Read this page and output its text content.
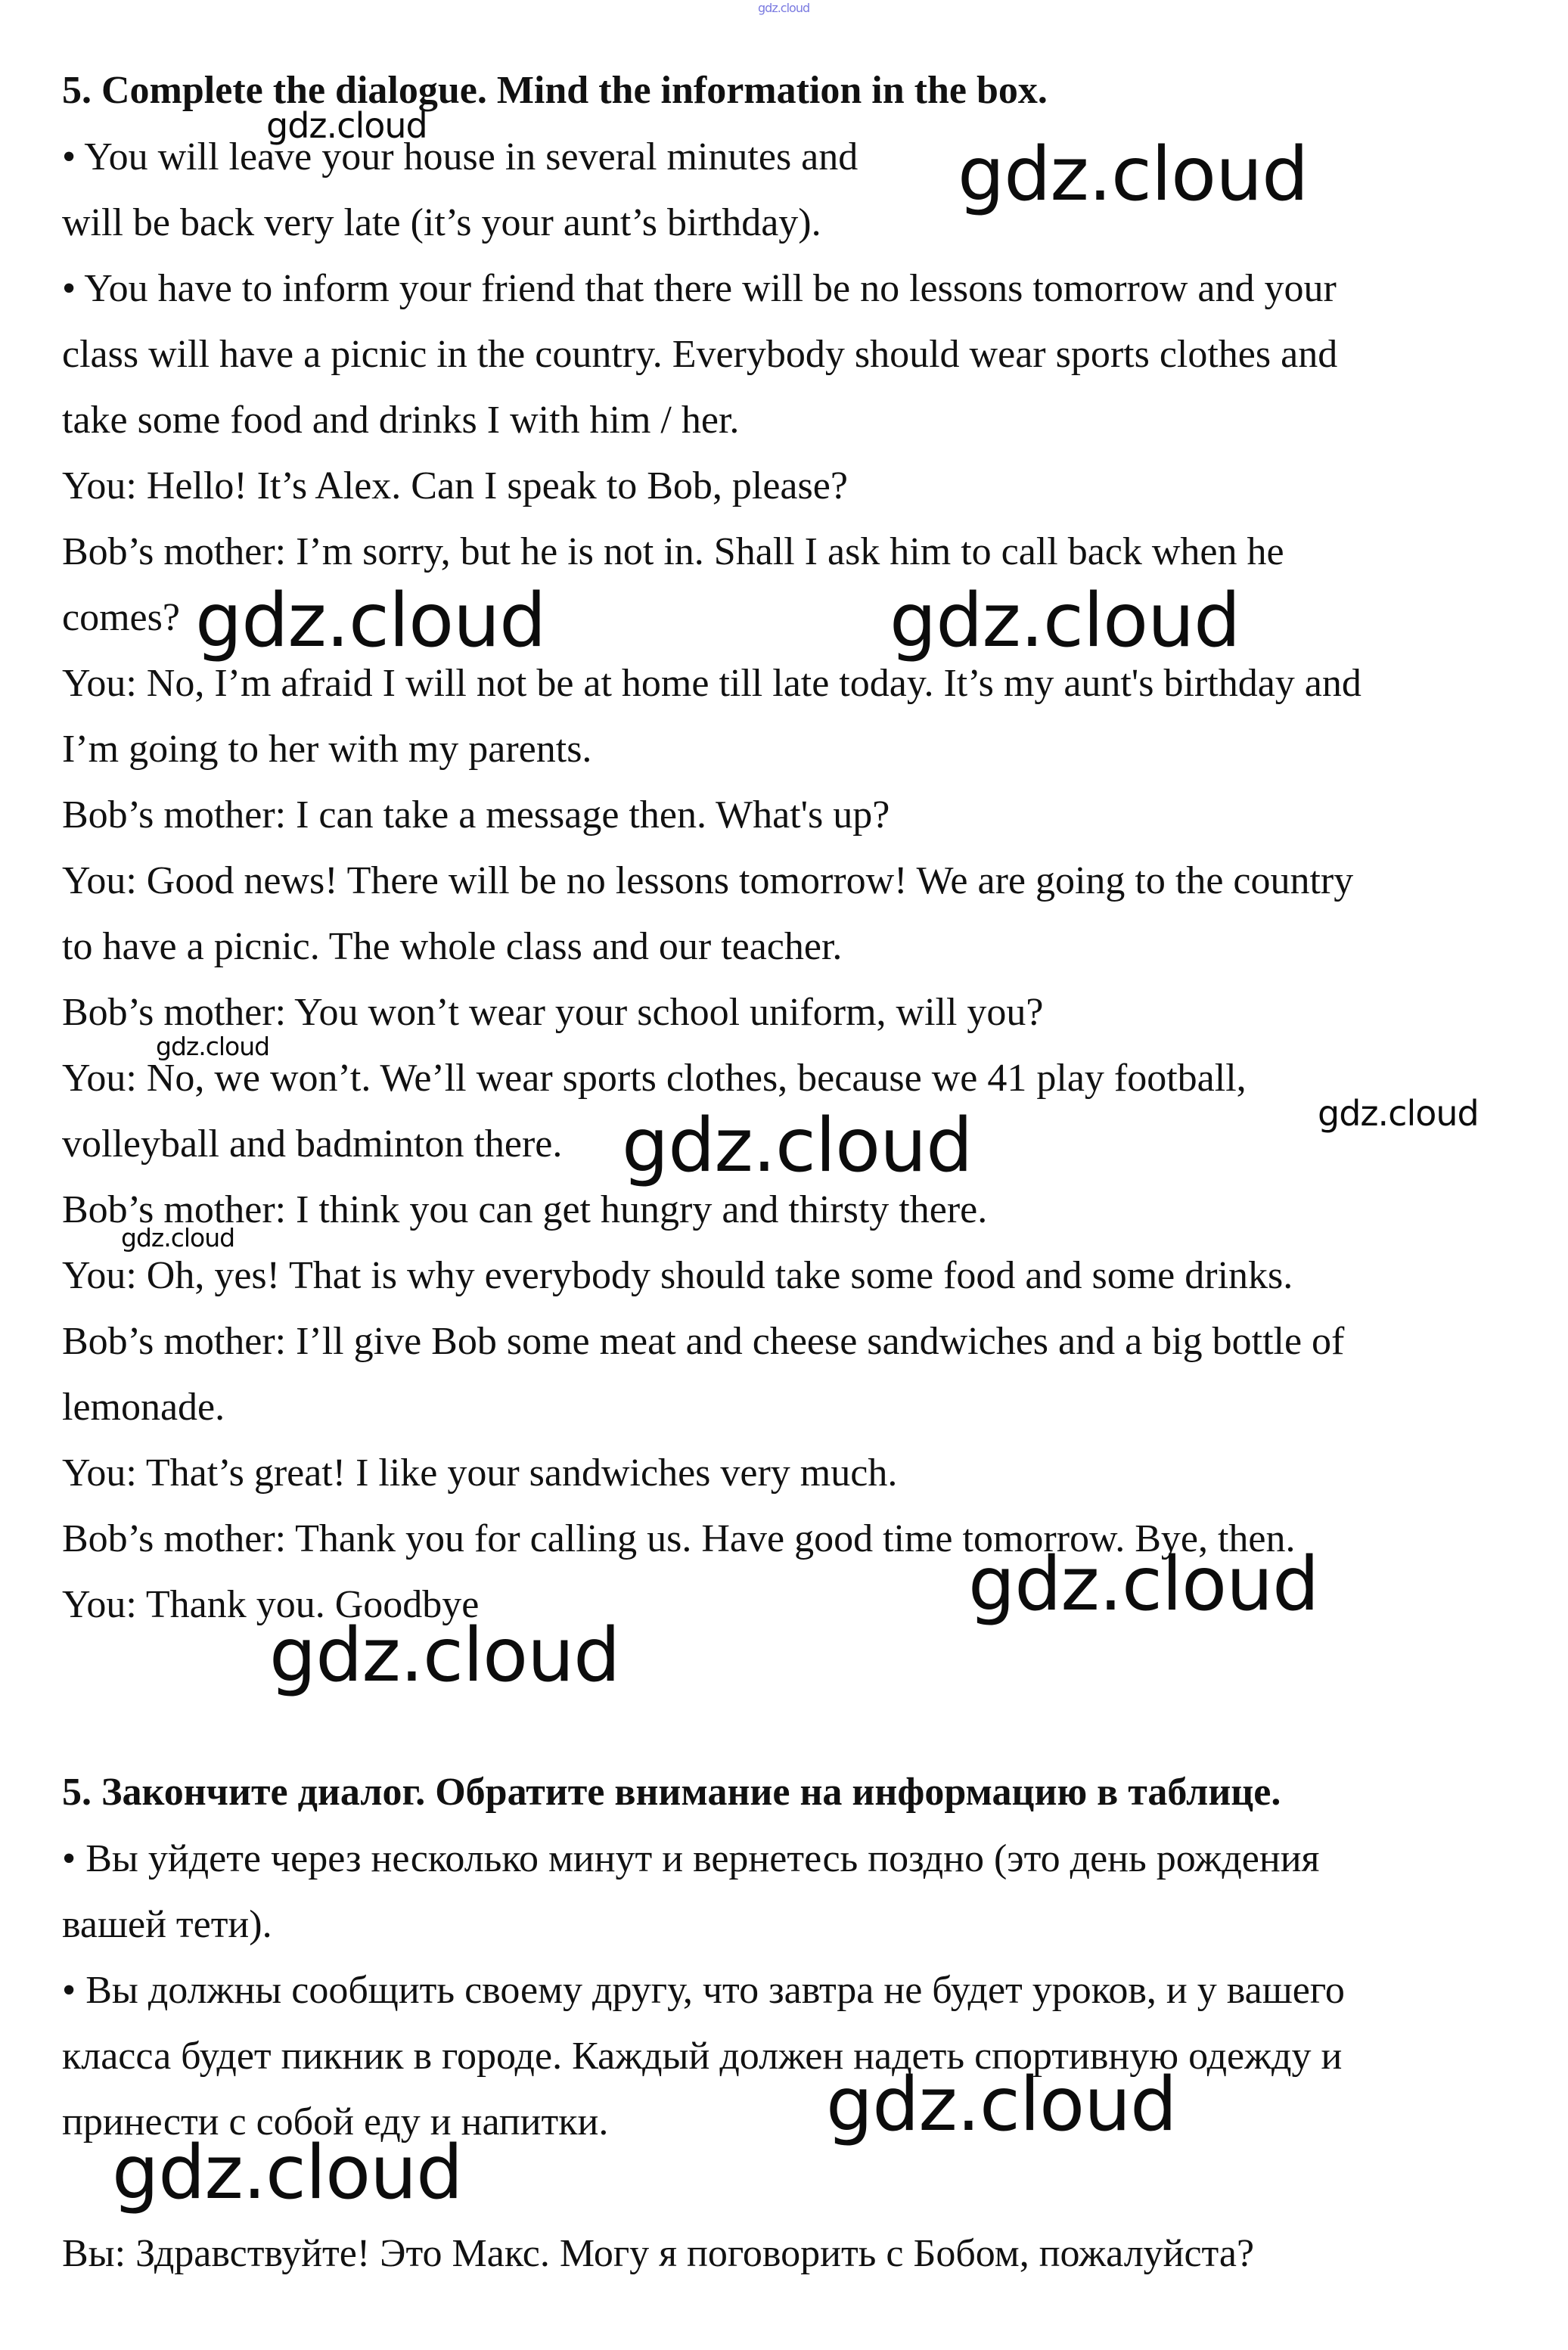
5. Complete the dialogue. Mind the information in the box.

• You will leave your house in several minutes and

will be back very late (it’s your aunt’s birthday).

• You have to inform your friend that there will be no lessons tomorrow and your

class will have a picnic in the country. Everybody should wear sports clothes and

take some food and drinks I with him / her.

You: Hello! It’s Alex. Can I speak to Bob, please?

Bob’s mother: I’m sorry, but he is not in. Shall I ask him to call back when he

comes?

You: No, I’m afraid I will not be at home till late today. It’s my aunt's birthday and

I’m going to her with my parents.

Bob’s mother: I can take a message then. What's up?

You: Good news! There will be no lessons tomorrow! We are going to the country

to have a picnic. The whole class and our teacher.

Bob’s mother: You won’t wear your school uniform, will you?

You: No, we won’t. We’ll wear sports clothes, because we 41 play football,

volleyball and badminton there.

Bob’s mother: I think you can get hungry and thirsty there.

You: Oh, yes! That is why everybody should take some food and some drinks.

Bob’s mother: I’ll give Bob some meat and cheese sandwiches and a big bottle of

lemonade.

You: That’s great! I like your sandwiches very much.

Bob’s mother: Thank you for calling us. Have good time tomorrow. Bye, then.

You: Thank you. Goodbye

5. Закончите диалог. Обратите внимание на информацию в таблице.

• Вы уйдете через несколько минут и вернетесь поздно (это день рождения

вашей тети).

• Вы должны сообщить своему другу, что завтра не будет уроков, и у вашего

класса будет пикник в городе. Каждый должен надеть спортивную одежду и

принести с собой еду и напитки.

Вы: Здравствуйте! Это Макс. Могу я поговорить с Бобом, пожалуйста?

gdz.cloud
gdz.cloud
gdz.cloud
gdz.cloud	gdz.cloud
gdz.cloud
gdz.cloud
gdz.cloud
gdz.cloud
gdz.cloud
gdz.cloud
gdz.cloud
gdz.cloud
